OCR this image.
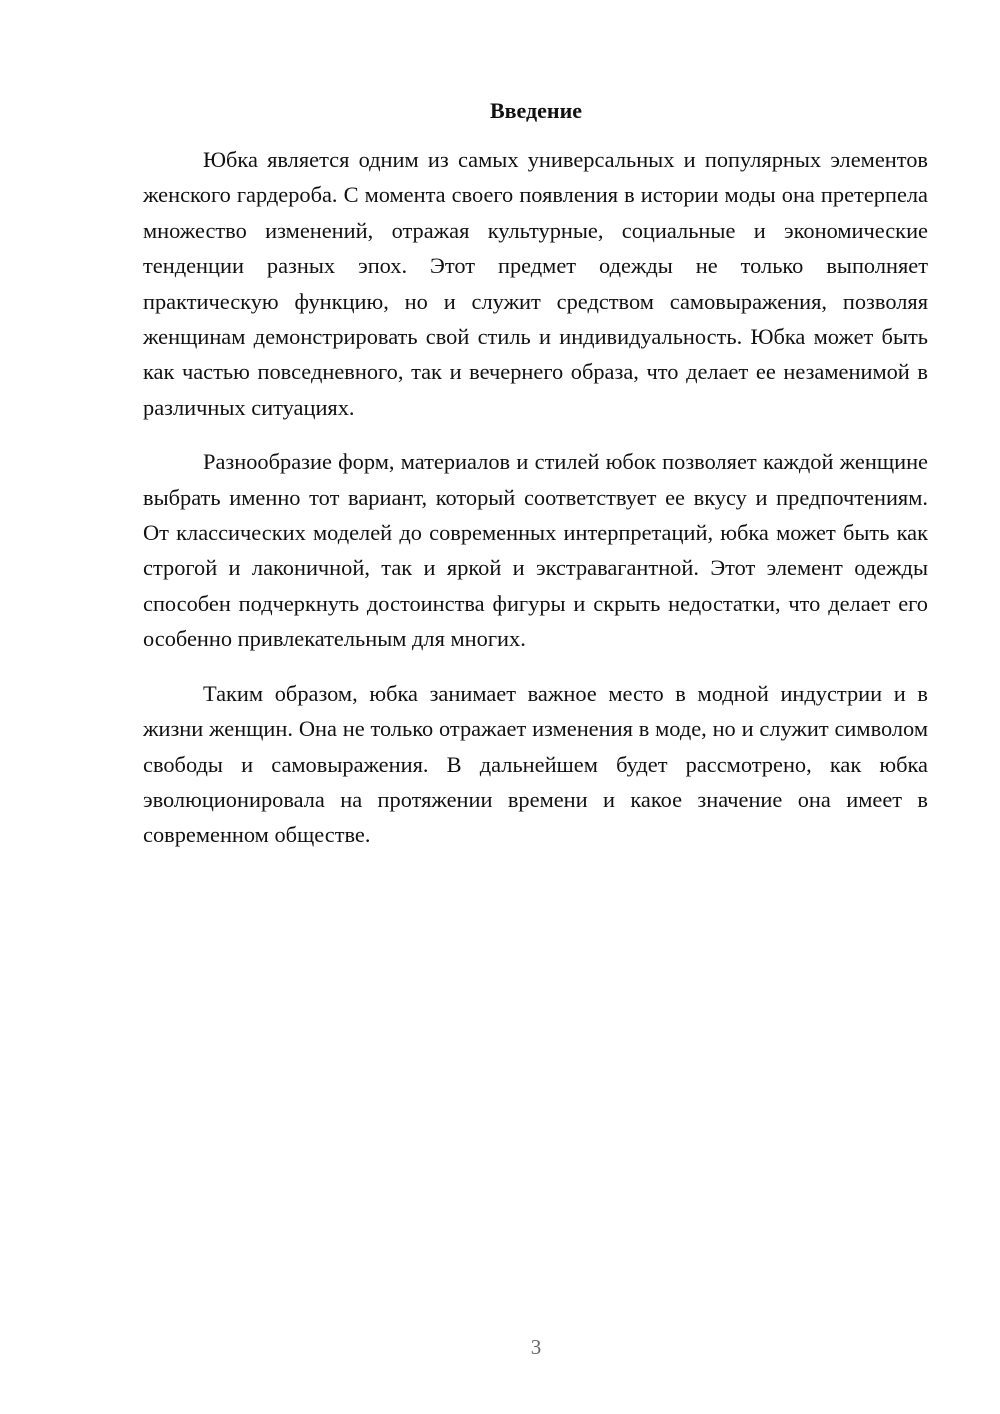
Введение

Юбка является одним из самых универсальных и популярных элементов женского гардероба. С момента своего появления в истории моды она претерпела множество изменений, отражая культурные, социальные и экономические тенденции разных эпох. Этот предмет одежды не только выполняет практическую функцию, но и служит средством самовыражения, позволяя женщинам демонстрировать свой стиль и индивидуальность. Юбка может быть как частью повседневного, так и вечернего образа, что делает ее незаменимой в различных ситуациях.

Разнообразие форм, материалов и стилей юбок позволяет каждой женщине выбрать именно тот вариант, который соответствует ее вкусу и предпочтениям. От классических моделей до современных интерпретаций, юбка может быть как строгой и лаконичной, так и яркой и экстравагантной. Этот элемент одежды способен подчеркнуть достоинства фигуры и скрыть недостатки, что делает его особенно привлекательным для многих.

Таким образом, юбка занимает важное место в модной индустрии и в жизни женщин. Она не только отражает изменения в моде, но и служит символом свободы и самовыражения. В дальнейшем будет рассмотрено, как юбка эволюционировала на протяжении времени и какое значение она имеет в современном обществе.

3
